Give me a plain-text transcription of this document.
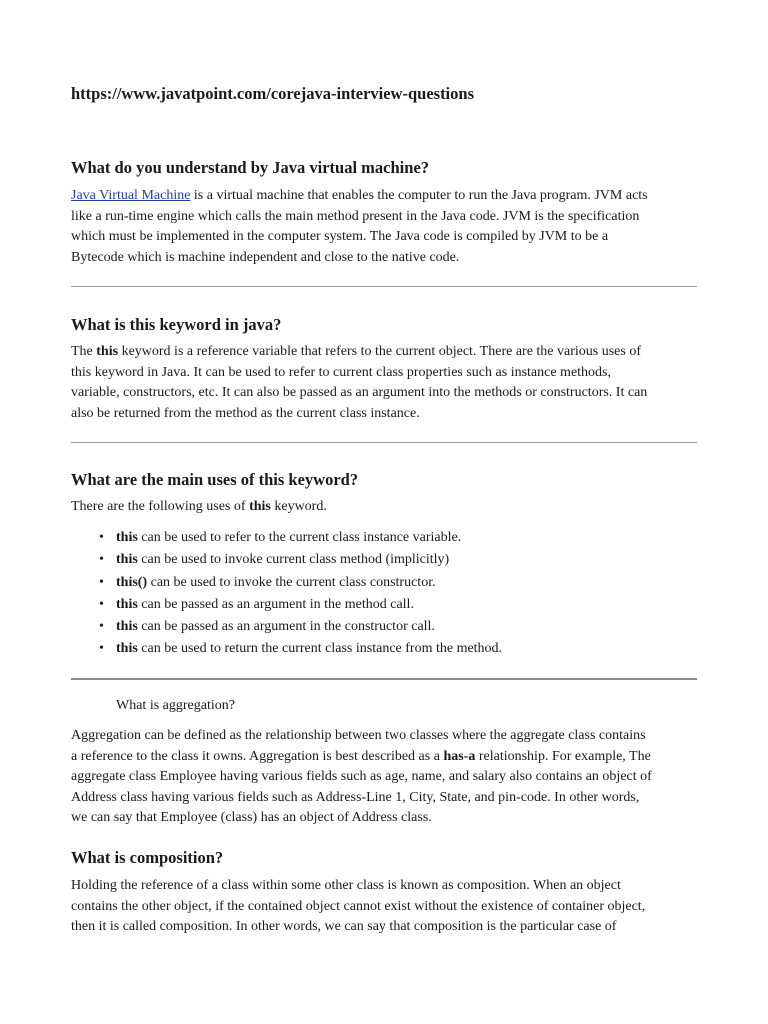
https://www.javatpoint.com/corejava-interview-questions
What do you understand by Java virtual machine?

Java Virtual Machine is a virtual machine that enables the computer to run the Java program. JVM acts
like a run-time engine which calls the main method present in the Java code. JVM is the specification
which must be implemented in the computer system. The Java code is compiled by JVM to be a
Bytecode which is machine independent and close to the native code.

What is this keyword in java?

The this keyword is a reference variable that refers to the current object. There are the various uses of
this keyword in Java. It can be used to refer to current class properties such as instance methods,
variable, constructors, etc. It can also be passed as an argument into the methods or constructors. It can
also be returned from the method as the current class instance.

What are the main uses of this keyword?

There are the following uses of this keyword.

• this can be used to refer to the current class instance variable.
• this can be used to invoke current class method (implicitly)
• this() can be used to invoke the current class constructor.
• this can be passed as an argument in the method call.
• this can be passed as an argument in the constructor call.
• this can be used to return the current class instance from the method.
What is aggregation?

Aggregation can be defined as the relationship between two classes where the aggregate class contains
a reference to the class it owns. Aggregation is best described as a has-a relationship. For example, The
aggregate class Employee having various fields such as age, name, and salary also contains an object of
Address class having various fields such as Address-Line 1, City, State, and pin-code. In other words,
we can say that Employee (class) has an object of Address class.

What is composition?

Holding the reference of a class within some other class is known as composition. When an object
contains the other object, if the contained object cannot exist without the existence of container object,
then it is called composition. In other words, we can say that composition is the particular case of
